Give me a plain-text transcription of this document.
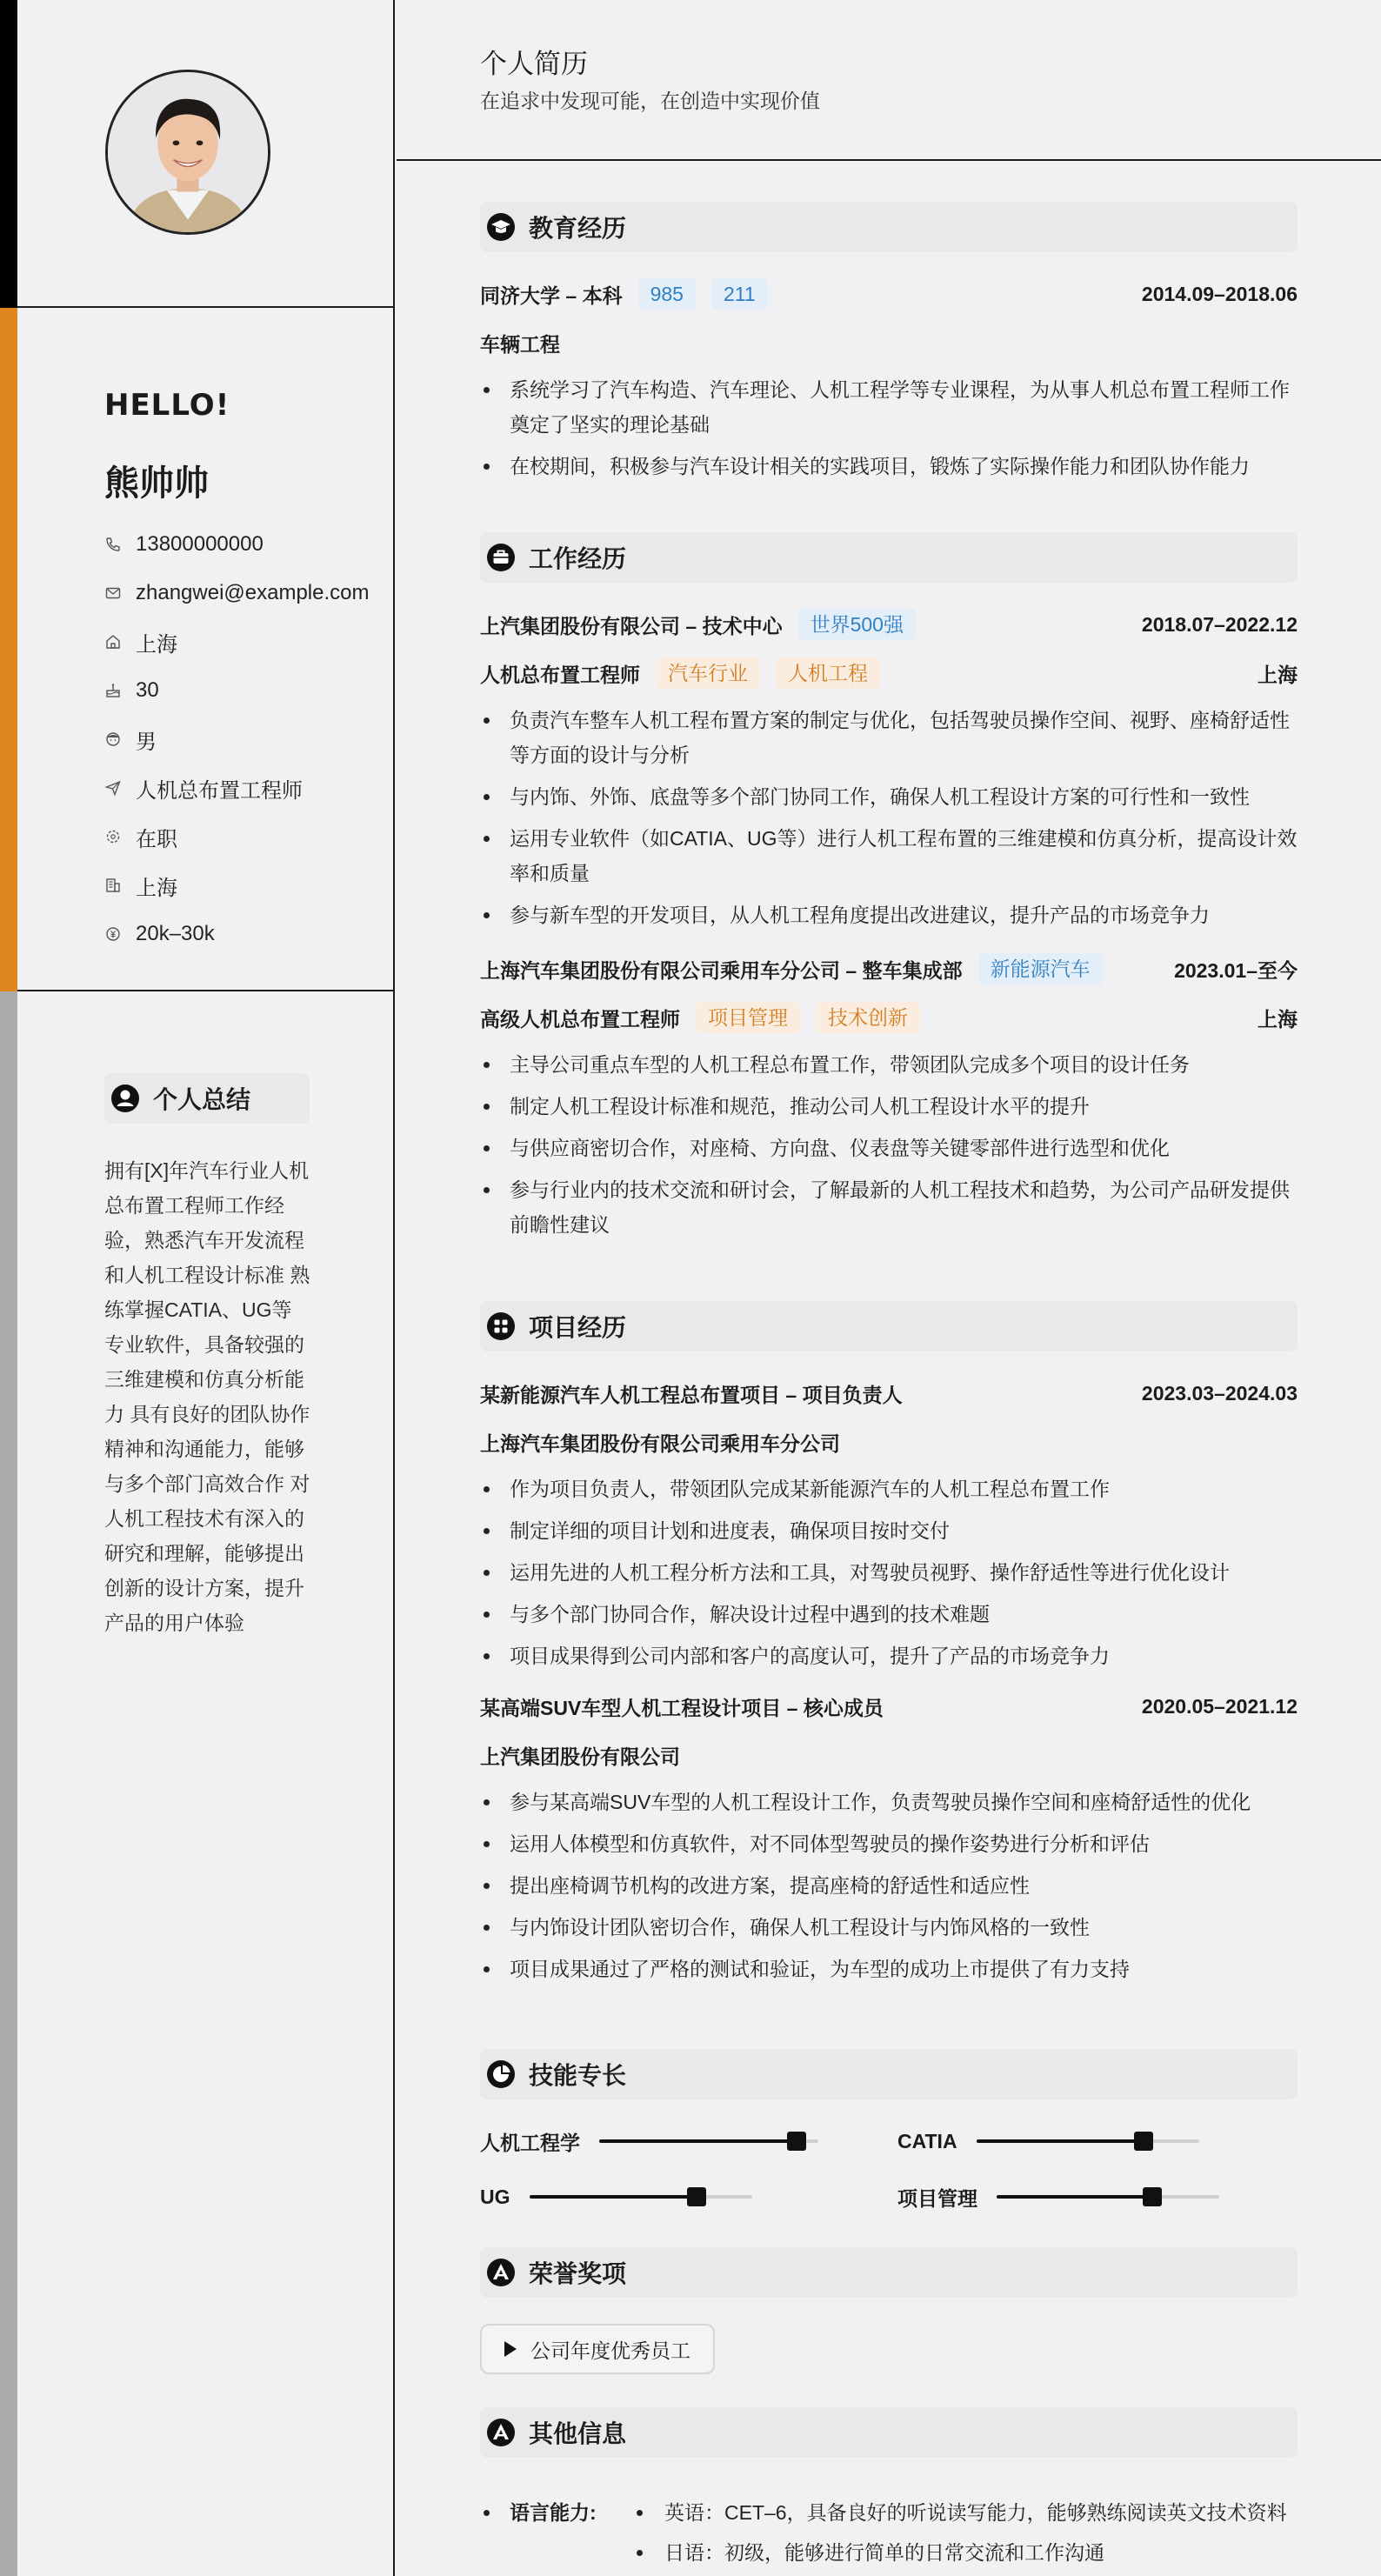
HELLO!
熊帅帅
13800000000
zhangwei@example.com
上海
30
男
人机总布置工程师
在职
上海
20k–30k
个人总结
拥有[X]年汽车行业人机总布置工程师工作经验，熟悉汽车开发流程和人机工程设计标准 熟练掌握CATIA、UG等专业软件，具备较强的三维建模和仿真分析能力 具有良好的团队协作精神和沟通能力，能够与多个部门高效合作 对人机工程技术有深入的研究和理解，能够提出创新的设计方案，提升产品的用户体验
个人简历
在追求中发现可能，在创造中实现价值
教育经历
同济大学 – 本科	985	211	2014.09–2018.06
车辆工程
系统学习了汽车构造、汽车理论、人机工程学等专业课程，为从事人机总布置工程师工作奠定了坚实的理论基础
在校期间，积极参与汽车设计相关的实践项目，锻炼了实际操作能力和团队协作能力
工作经历
上汽集团股份有限公司 – 技术中心	世界500强	2018.07–2022.12
人机总布置工程师	汽车行业	人机工程	上海
负责汽车整车人机工程布置方案的制定与优化，包括驾驶员操作空间、视野、座椅舒适性等方面的设计与分析
与内饰、外饰、底盘等多个部门协同工作，确保人机工程设计方案的可行性和一致性
运用专业软件（如CATIA、UG等）进行人机工程布置的三维建模和仿真分析，提高设计效率和质量
参与新车型的开发项目，从人机工程角度提出改进建议，提升产品的市场竞争力
上海汽车集团股份有限公司乘用车分公司 – 整车集成部	新能源汽车	2023.01–至今
高级人机总布置工程师	项目管理	技术创新	上海
主导公司重点车型的人机工程总布置工作，带领团队完成多个项目的设计任务
制定人机工程设计标准和规范，推动公司人机工程设计水平的提升
与供应商密切合作，对座椅、方向盘、仪表盘等关键零部件进行选型和优化
参与行业内的技术交流和研讨会，了解最新的人机工程技术和趋势，为公司产品研发提供前瞻性建议
项目经历
某新能源汽车人机工程总布置项目 – 项目负责人	2023.03–2024.03
上海汽车集团股份有限公司乘用车分公司
作为项目负责人，带领团队完成某新能源汽车的人机工程总布置工作
制定详细的项目计划和进度表，确保项目按时交付
运用先进的人机工程分析方法和工具，对驾驶员视野、操作舒适性等进行优化设计
与多个部门协同合作，解决设计过程中遇到的技术难题
项目成果得到公司内部和客户的高度认可，提升了产品的市场竞争力
某高端SUV车型人机工程设计项目 – 核心成员	2020.05–2021.12
上汽集团股份有限公司
参与某高端SUV车型的人机工程设计工作，负责驾驶员操作空间和座椅舒适性的优化
运用人体模型和仿真软件，对不同体型驾驶员的操作姿势进行分析和评估
提出座椅调节机构的改进方案，提高座椅的舒适性和适应性
与内饰设计团队密切合作，确保人机工程设计与内饰风格的一致性
项目成果通过了严格的测试和验证，为车型的成功上市提供了有力支持
技能专长
人机工程学	CATIA
UG	项目管理
荣誉奖项
公司年度优秀员工
其他信息
语言能力:	英语：CET–6，具备良好的听说读写能力，能够熟练阅读英文技术资料
日语：初级，能够进行简单的日常交流和工作沟通
